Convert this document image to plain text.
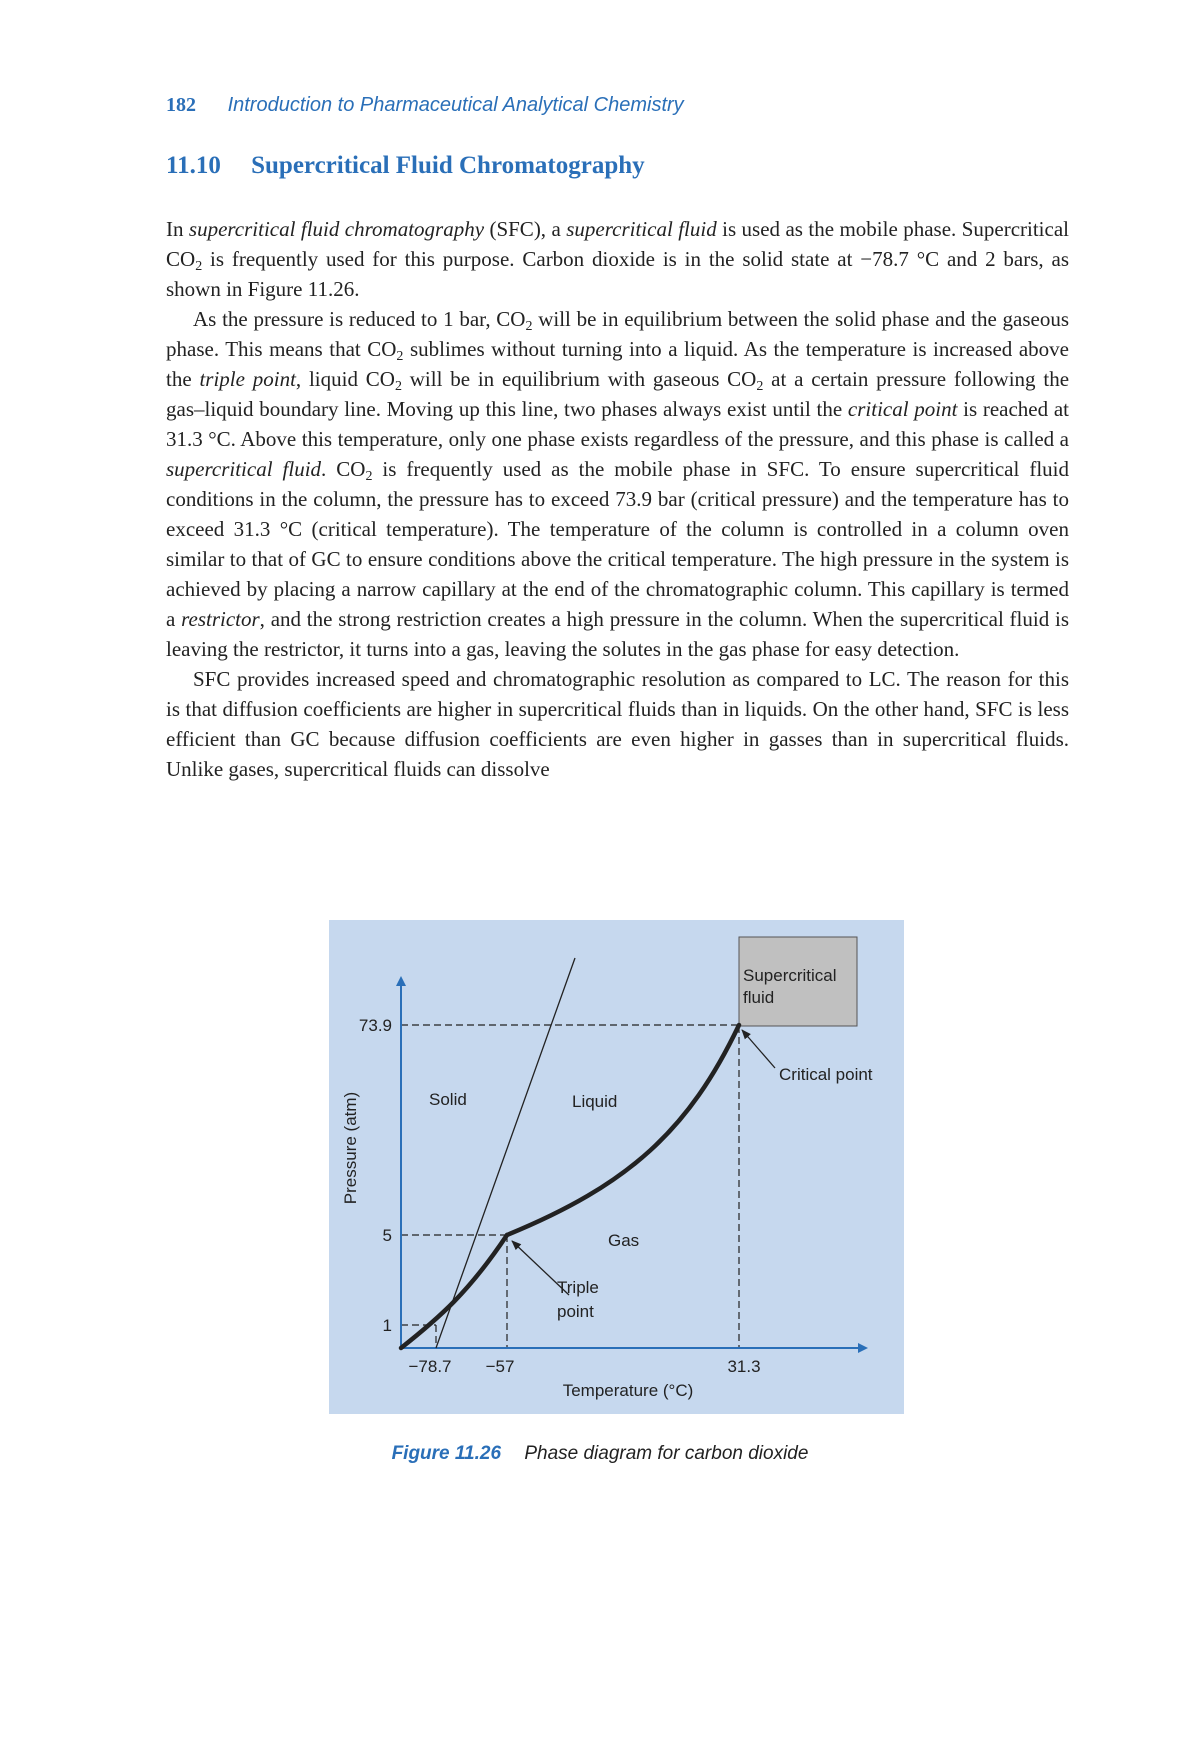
182 Introduction to Pharmaceutical Analytical Chemistry
11.10 Supercritical Fluid Chromatography

In supercritical fluid chromatography (SFC), a supercritical fluid is used as the mobile phase. Supercritical $CO_2$ is frequently used for this purpose. Carbon dioxide is in the solid state at −78.7 °C and 2 bars, as shown in Figure 11.26.

As the pressure is reduced to 1 bar, $CO_2$ will be in equilibrium between the solid phase and the gaseous phase. This means that $CO_2$ sublimes without turning into a liquid. As the temperature is increased above the triple point, liquid $CO_2$ will be in equilibrium with gaseous $CO_2$ at a certain pressure following the gas–liquid boundary line. Moving up this line, two phases always exist until the critical point is reached at 31.3 °C. Above this temperature, only one phase exists regardless of the pressure, and this phase is called a supercritical fluid. $CO_2$ is frequently used as the mobile phase in SFC. To ensure supercritical fluid conditions in the column, the pressure has to exceed 73.9 bar (critical pressure) and the temperature has to exceed 31.3 °C (critical temperature). The temperature of the column is controlled in a column oven similar to that of GC to ensure conditions above the critical temperature. The high pressure in the system is achieved by placing a narrow capillary at the end of the chromatographic column. This capillary is termed a restrictor, and the strong restriction creates a high pressure in the column. When the supercritical fluid is leaving the restrictor, it turns into a gas, leaving the solutes in the gas phase for easy detection.

SFC provides increased speed and chromatographic resolution as compared to LC. The reason for this is that diffusion coefficients are higher in supercritical fluids than in liquids. On the other hand, SFC is less efficient than GC because diffusion coefficients are even higher in gasses than in supercritical fluids. Unlike gases, supercritical fluids can dissolve

Supercritical
fluid
Critical point
Solid	Liquid
Gas
Triple
point
73.9
5
1
−78.7 −57	31.3
Temperature (°C)
Pressure (atm)
Figure 11.26 Phase diagram for carbon dioxide
